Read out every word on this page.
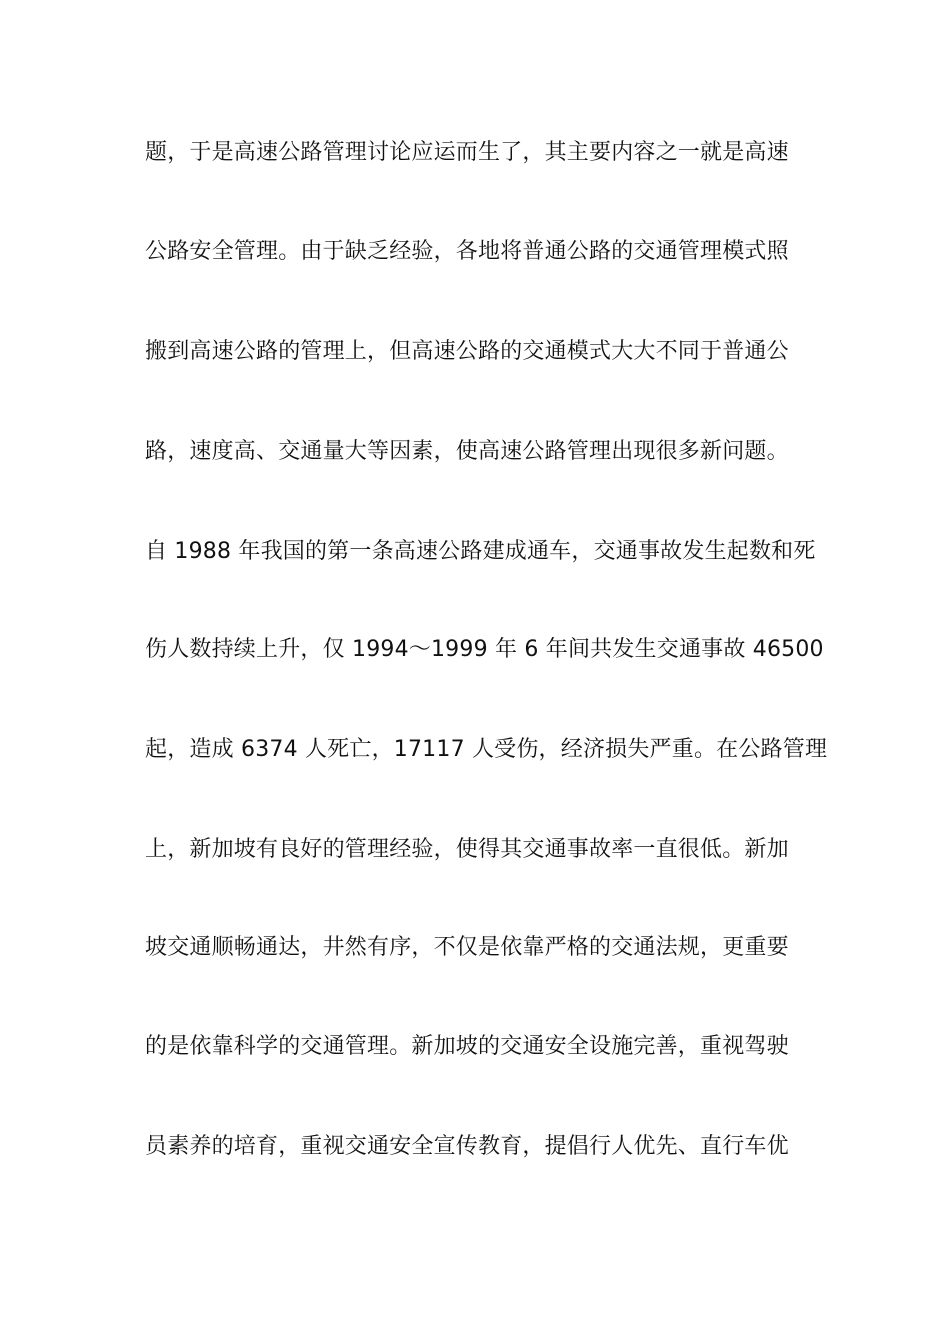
题，于是高速公路管理讨论应运而生了，其主要内容之一就是高速
公路安全管理。由于缺乏经验，各地将普通公路的交通管理模式照
搬到高速公路的管理上，但高速公路的交通模式大大不同于普通公
路，速度高、交通量大等因素，使高速公路管理出现很多新问题。
自 1988 年我国的第一条高速公路建成通车，交通事故发生起数和死
伤人数持续上升，仅 1994～1999 年 6 年间共发生交通事故 46500
起，造成 6374 人死亡，17117 人受伤，经济损失严重。在公路管理
上，新加坡有良好的管理经验，使得其交通事故率一直很低。新加
坡交通顺畅通达，井然有序，不仅是依靠严格的交通法规，更重要
的是依靠科学的交通管理。新加坡的交通安全设施完善，重视驾驶
员素养的培育，重视交通安全宣传教育，提倡行人优先、直行车优
